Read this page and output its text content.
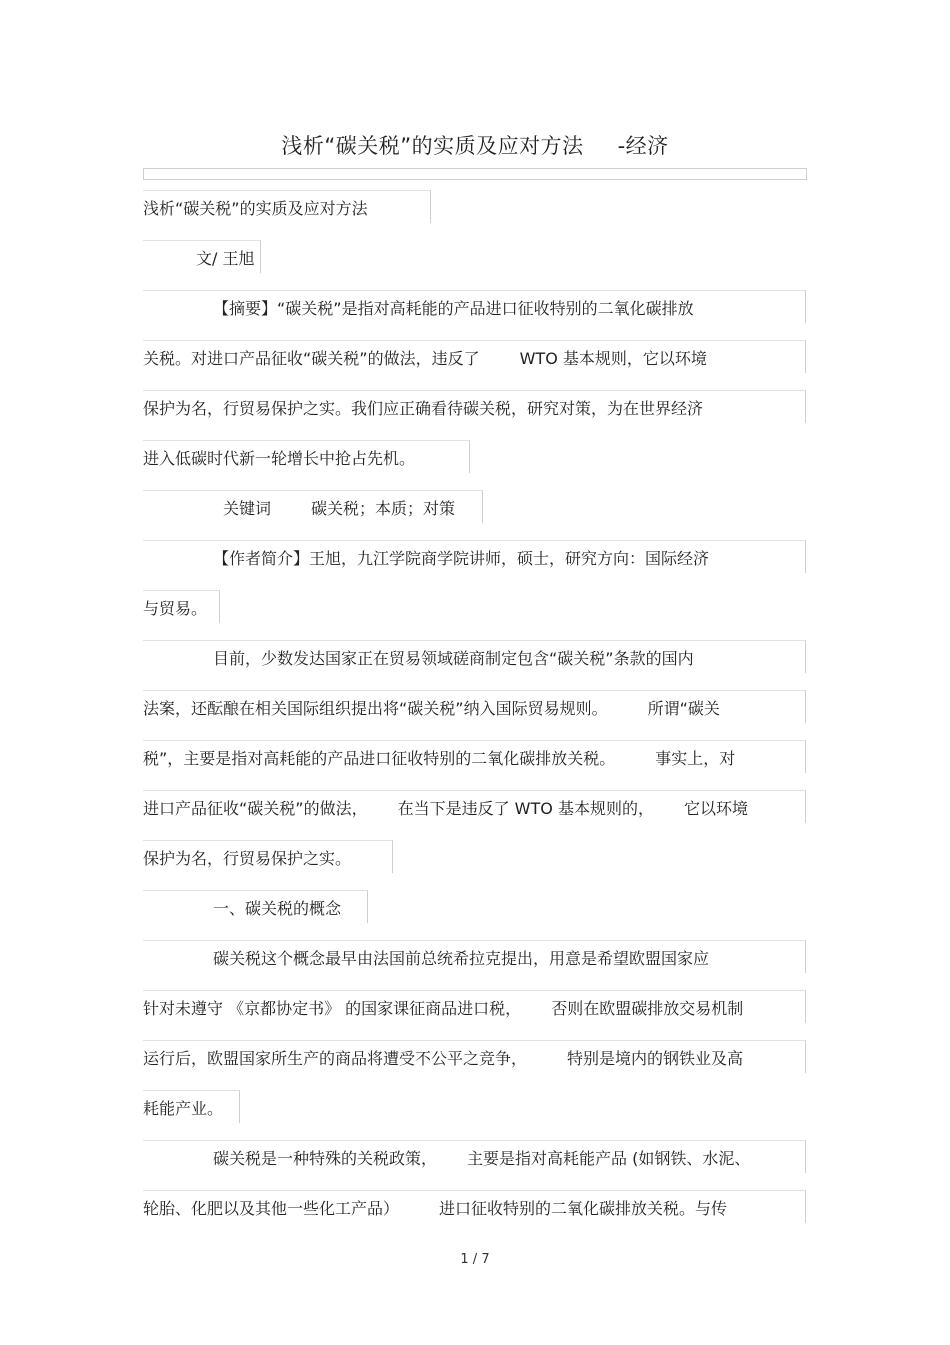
浅析“碳关税”的实质及应对方法 -经济
浅析“碳关税”的实质及应对方法
文/ 王旭
【摘要】“碳关税”是指对高耗能的产品进口征收特别的二氧化碳排放
关税。对进口产品征收“碳关税”的做法，违反了	WTO 基本规则，它以环境
保护为名，行贸易保护之实。我们应正确看待碳关税，研究对策，为在世界经济
进入低碳时代新一轮增长中抢占先机。
关键词	碳关税；本质；对策
【作者简介】王旭，九江学院商学院讲师，硕士，研究方向：国际经济
与贸易。
目前，少数发达国家正在贸易领域磋商制定包含“碳关税”条款的国内
法案，还酝酿在相关国际组织提出将“碳关税”纳入国际贸易规则。	所谓“碳关
税”，主要是指对高耗能的产品进口征收特别的二氧化碳排放关税。	事实上，对
进口产品征收“碳关税”的做法， 在当下是违反了 WTO 基本规则的， 它以环境
保护为名，行贸易保护之实。
一、碳关税的概念
碳关税这个概念最早由法国前总统希拉克提出，用意是希望欧盟国家应
针对未遵守 《京都协定书》 的国家课征商品进口税， 否则在欧盟碳排放交易机制
运行后，欧盟国家所生产的商品将遭受不公平之竞争，	特别是境内的钢铁业及高
耗能产业。
碳关税是一种特殊的关税政策， 主要是指对高耗能产品 (如钢铁、水泥、
轮胎、化肥以及其他一些化工产品）	进口征收特别的二氧化碳排放关税。与传
1 / 7
